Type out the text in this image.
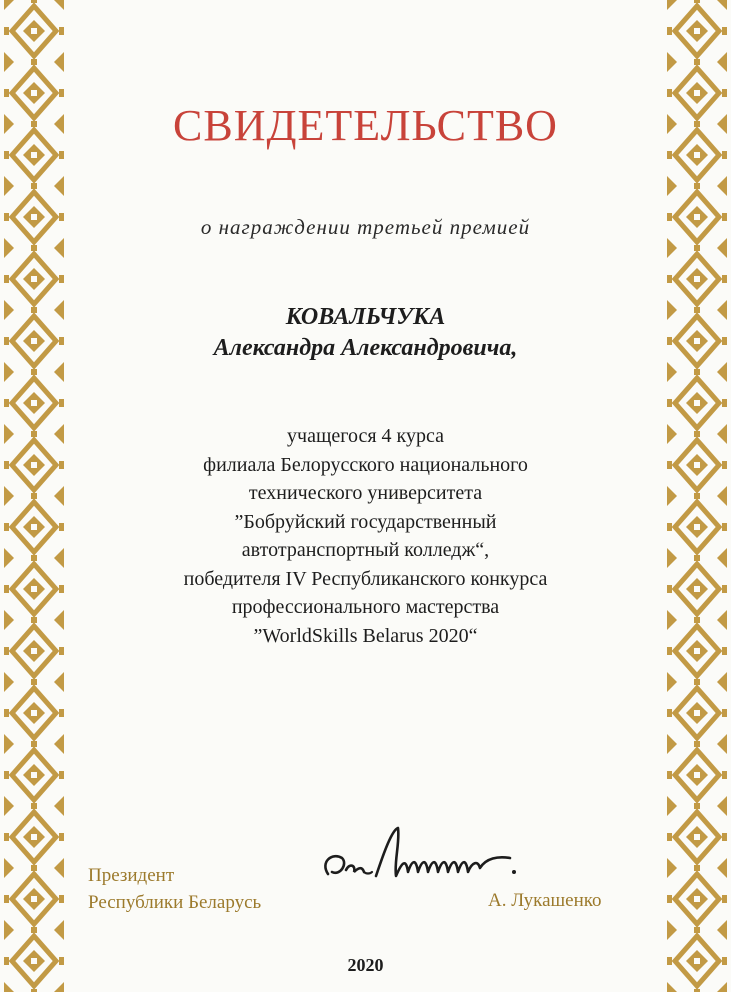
СВИДЕТЕЛЬСТВО
о награждении третьей премией
КОВАЛЬЧУКА
Александра Александровича,
учащегося 4 курса
филиала Белорусского национального
технического университета
”Бобруйский государственный
автотранспортный колледж“,
победителя IV Республиканского конкурса
профессионального мастерства
”WorldSkills Belarus 2020“
Президент
Республики Беларусь	А. Лукашенко
2020
